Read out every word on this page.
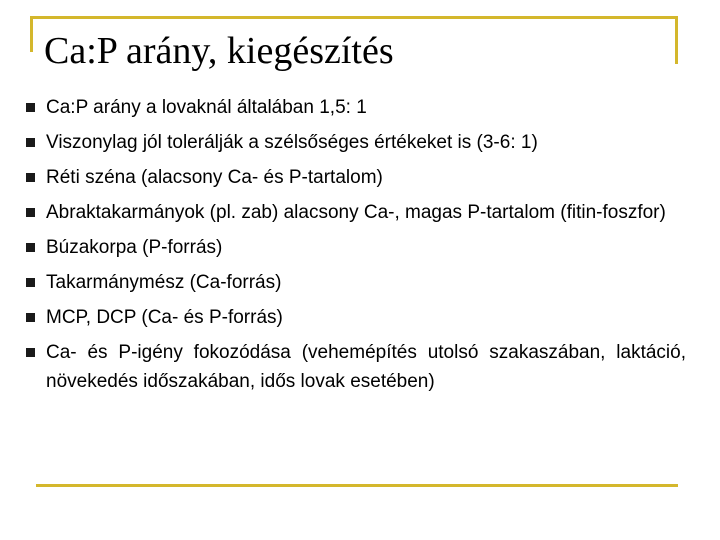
Ca:P arány, kiegészítés
Ca:P arány a lovaknál általában 1,5: 1
Viszonylag jól tolerálják a szélsőséges értékeket is (3-6: 1)
Réti széna (alacsony Ca- és P-tartalom)
Abraktakarmányok (pl. zab) alacsony Ca-, magas P-tartalom (fitin-foszfor)
Búzakorpa (P-forrás)
Takarmánymész (Ca-forrás)
MCP, DCP (Ca- és P-forrás)
Ca- és P-igény fokozódása (vehemépítés utolsó szakaszában, laktáció, növekedés időszakában, idős lovak esetében)
